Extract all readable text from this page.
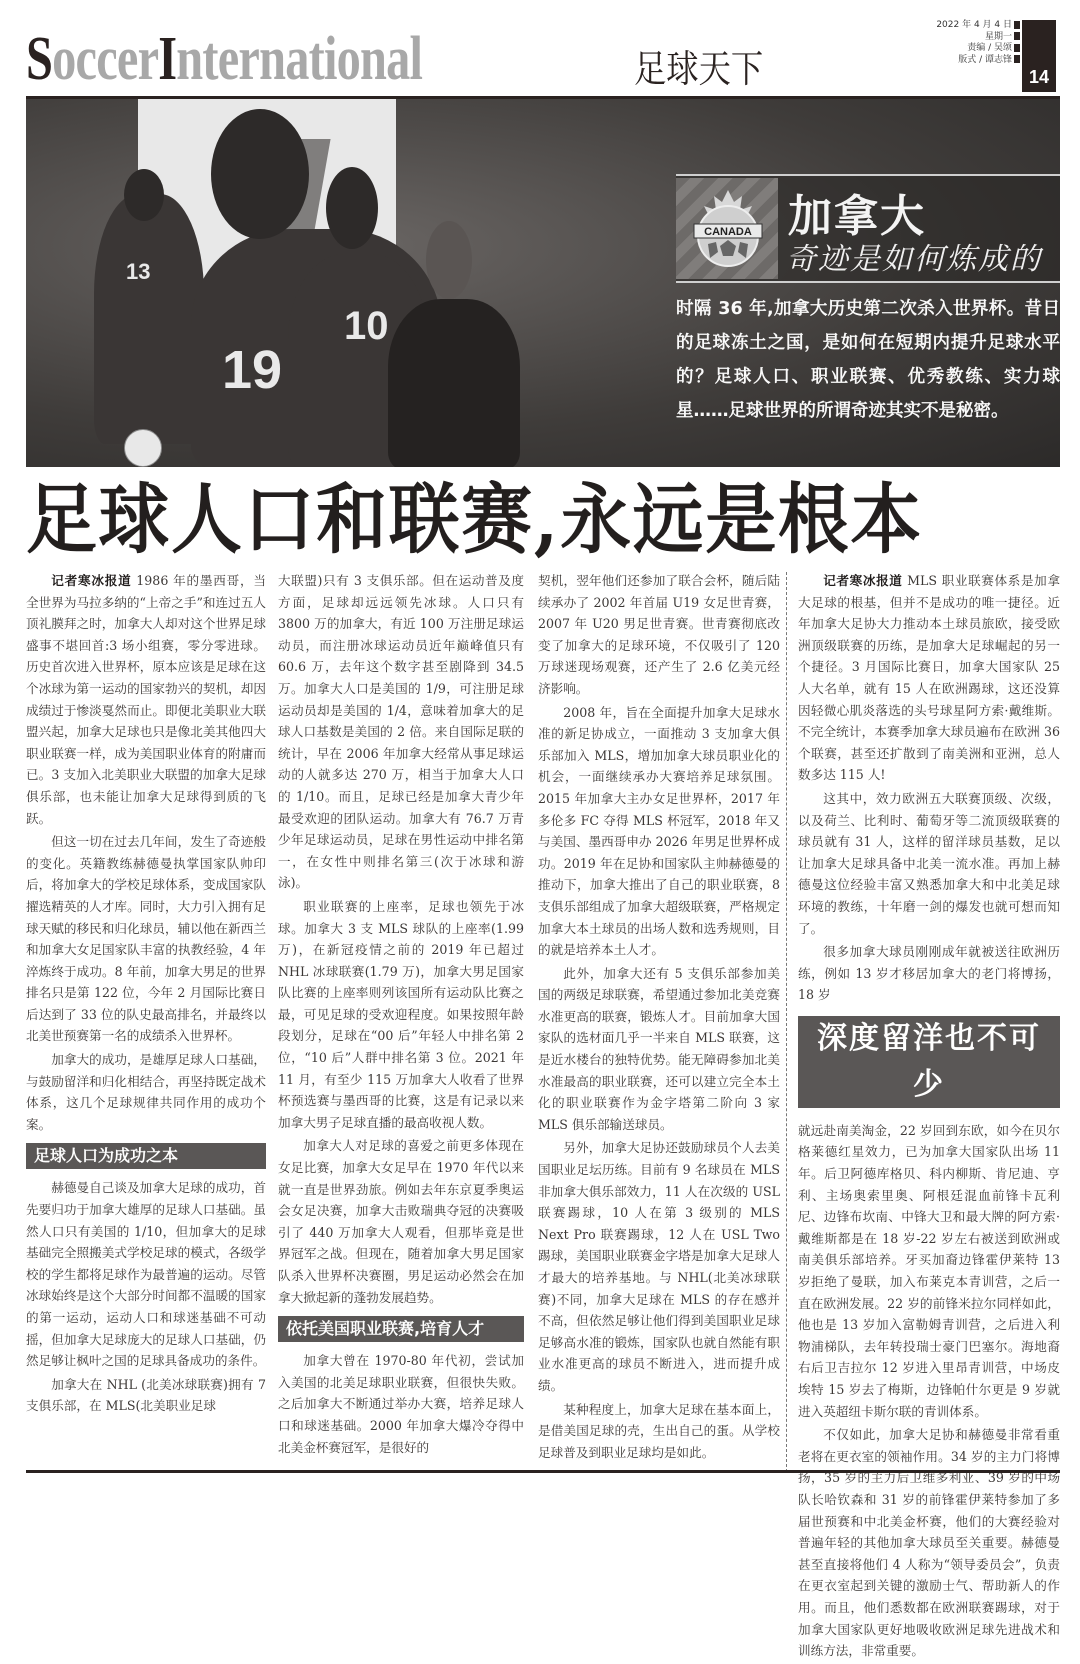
SoccerInternational	足球天下
2022 年 4 月 4 日
星期一
责编 / 吴颂
版式 / 谭志锋
14
13
19
10
CANADA 加拿大
奇迹是如何炼成的
时隔 36 年,加拿大历史第二次杀入世界杯。昔日的足球冻土之国，是如何在短期内提升足球水平的？足球人口、职业联赛、优秀教练、实力球星……足球世界的所谓奇迹其实不是秘密。
足球人口和联赛,永远是根本

记者寒冰报道 1986 年的墨西哥，当全世界为马拉多纳的“上帝之手”和连过五人顶礼膜拜之时，加拿大人却对这个世界足球盛事不堪回首:3 场小组赛，零分零进球。历史首次进入世界杯，原本应该是足球在这个冰球为第一运动的国家勃兴的契机，却因成绩过于惨淡戛然而止。即便北美职业大联盟兴起，加拿大足球也只是像北美其他四大职业联赛一样，成为美国职业体育的附庸而已。3 支加入北美职业大联盟的加拿大足球俱乐部，也未能让加拿大足球得到质的飞跃。

但这一切在过去几年间，发生了奇迹般的变化。英籍教练赫德曼执掌国家队帅印后，将加拿大的学校足球体系，变成国家队擢选精英的人才库。同时，大力引入拥有足球天赋的移民和归化球员，辅以他在新西兰和加拿大女足国家队丰富的执教经验，4 年淬炼终于成功。8 年前，加拿大男足的世界排名只是第 122 位，今年 2 月国际比赛日后达到了 33 位的队史最高排名，并最终以北美世预赛第一名的成绩杀入世界杯。

加拿大的成功，是雄厚足球人口基础，与鼓励留洋和归化相结合，再坚持既定战术体系，这几个足球规律共同作用的成功个案。

足球人口为成功之本

赫德曼自己谈及加拿大足球的成功，首先要归功于加拿大雄厚的足球人口基础。虽然人口只有美国的 1/10，但加拿大的足球基础完全照搬美式学校足球的模式，各级学校的学生都将足球作为最普遍的运动。尽管冰球始终是这个大部分时间都不温暖的国家的第一运动，运动人口和球迷基础不可动摇，但加拿大足球庞大的足球人口基础，仍然足够让枫叶之国的足球具备成功的条件。

加拿大在 NHL (北美冰球联赛)拥有 7 支俱乐部，在 MLS(北美职业足球

大联盟)只有 3 支俱乐部。但在运动普及度方面，足球却远远领先冰球。人口只有 3800 万的加拿大，有近 100 万注册足球运动员，而注册冰球运动员近年巅峰值只有 60.6 万，去年这个数字甚至剧降到 34.5 万。加拿大人口是美国的 1/9，可注册足球运动员却是美国的 1/4，意味着加拿大的足球人口基数是美国的 2 倍。来自国际足联的统计，早在 2006 年加拿大经常从事足球运动的人就多达 270 万，相当于加拿大人口的 1/10。而且，足球已经是加拿大青少年最受欢迎的团队运动。加拿大有 76.7 万青少年足球运动员，足球在男性运动中排名第一，在女性中则排名第三(次于冰球和游泳)。

职业联赛的上座率，足球也领先于冰球。加拿大 3 支 MLS 球队的上座率(1.99 万)，在新冠疫情之前的 2019 年已超过 NHL 冰球联赛(1.79 万)，加拿大男足国家队比赛的上座率则列该国所有运动队比赛之最，可见足球的受欢迎程度。如果按照年龄段划分，足球在“00 后”年轻人中排名第 2 位，“10 后”人群中排名第 3 位。2021 年 11 月，有至少 115 万加拿大人收看了世界杯预选赛与墨西哥的比赛，这是有记录以来加拿大男子足球直播的最高收视人数。

加拿大人对足球的喜爱之前更多体现在女足比赛，加拿大女足早在 1970 年代以来就一直是世界劲旅。例如去年东京夏季奥运会女足决赛，加拿大击败瑞典夺冠的决赛吸引了 440 万加拿大人观看，但那毕竟是世界冠军之战。但现在，随着加拿大男足国家队杀入世界杯决赛圈，男足运动必然会在加拿大掀起新的蓬勃发展趋势。

依托美国职业联赛,培育人才

加拿大曾在 1970-80 年代初，尝试加入美国的北美足球职业联赛，但很快失败。之后加拿大不断通过举办大赛，培养足球人口和球迷基础。2000 年加拿大爆冷夺得中北美金杯赛冠军，是很好的

契机，翌年他们还参加了联合会杯，随后陆续承办了 2002 年首届 U19 女足世青赛，2007 年 U20 男足世青赛。世青赛彻底改变了加拿大的足球环境，不仅吸引了 120 万球迷现场观赛，还产生了 2.6 亿美元经济影响。

2008 年，旨在全面提升加拿大足球水准的新足协成立，一面推动 3 支加拿大俱乐部加入 MLS，增加加拿大球员职业化的机会，一面继续承办大赛培养足球氛围。2015 年加拿大主办女足世界杯，2017 年多伦多 FC 夺得 MLS 杯冠军，2018 年又与美国、墨西哥申办 2026 年男足世界杯成功。2019 年在足协和国家队主帅赫德曼的推动下，加拿大推出了自己的职业联赛，8 支俱乐部组成了加拿大超级联赛，严格规定加拿大本土球员的出场人数和选秀规则，目的就是培养本土人才。

此外，加拿大还有 5 支俱乐部参加美国的两级足球联赛，希望通过参加北美竞赛水准更高的联赛，锻炼人才。目前加拿大国家队的选材面几乎一半来自 MLS 联赛，这是近水楼台的独特优势。能无障碍参加北美水准最高的职业联赛，还可以建立完全本土化的职业联赛作为金字塔第二阶向 3 家 MLS 俱乐部输送球员。

另外，加拿大足协还鼓励球员个人去美国职业足坛历练。目前有 9 名球员在 MLS 非加拿大俱乐部效力，11 人在次级的 USL 联赛踢球，10 人在第 3 级别的 MLS Next Pro 联赛踢球，12 人在 USL Two 踢球，美国职业联赛金字塔是加拿大足球人才最大的培养基地。与 NHL(北美冰球联赛)不同，加拿大足球在 MLS 的存在感并不高，但依然足够让他们得到美国职业足球足够高水准的锻炼，国家队也就自然能有职业水准更高的球员不断进入，进而提升成绩。

某种程度上，加拿大足球在基本面上，是借美国足球的壳，生出自己的蛋。从学校足球普及到职业足球均是如此。

记者寒冰报道 MLS 职业联赛体系是加拿大足球的根基，但并不是成功的唯一捷径。近年加拿大足协大力推动本土球员旅欧，接受欧洲顶级联赛的历练，是加拿大足球崛起的另一个捷径。3 月国际比赛日，加拿大国家队 25 人大名单，就有 15 人在欧洲踢球，这还没算因轻微心肌炎落选的头号球星阿方索·戴维斯。不完全统计，本赛季加拿大球员遍布在欧洲 36 个联赛，甚至还扩散到了南美洲和亚洲，总人数多达 115 人!

这其中，效力欧洲五大联赛顶级、次级，以及荷兰、比利时、葡萄牙等二流顶级联赛的球员就有 31 人，这样的留洋球员基数，足以让加拿大足球具备中北美一流水准。再加上赫德曼这位经验丰富又熟悉加拿大和中北美足球环境的教练，十年磨一剑的爆发也就可想而知了。

很多加拿大球员刚刚成年就被送往欧洲历练，例如 13 岁才移居加拿大的老门将博扬，18 岁

深度留洋也不可少

就远赴南美淘金，22 岁回到东欧，如今在贝尔格莱德红星效力，已为加拿大国家队出场 11 年。后卫阿德库格贝、科内柳斯、肯尼迪、亨利、主场奥索里奥、阿根廷混血前锋卡瓦利尼、边锋布坎南、中锋大卫和最大牌的阿方索·戴维斯都是在 18 岁-22 岁左右被送到欧洲或南美俱乐部培养。牙买加裔边锋霍伊莱特 13 岁拒绝了曼联，加入布莱克本青训营，之后一直在欧洲发展。22 岁的前锋米拉尔同样如此，他也是 13 岁加入富勒姆青训营，之后进入利物浦梯队，去年转投瑞士豪门巴塞尔。海地裔右后卫吉拉尔 12 岁进入里昂青训营，中场皮埃特 15 岁去了梅斯，边锋帕什尔更是 9 岁就进入英超纽卡斯尔联的青训体系。

不仅如此，加拿大足协和赫德曼非常看重老将在更衣室的领袖作用。34 岁的主力门将博扬，35 岁的主力后卫维多利亚、39 岁的中场队长哈钦森和 31 岁的前锋霍伊莱特参加了多届世预赛和中北美金杯赛，他们的大赛经验对普遍年轻的其他加拿大球员至关重要。赫德曼甚至直接将他们 4 人称为“领导委员会”，负责在更衣室起到关键的激励士气、帮助新人的作用。而且，他们悉数都在欧洲联赛踢球，对于加拿大国家队更好地吸收欧洲足球先进战术和训练方法，非常重要。
